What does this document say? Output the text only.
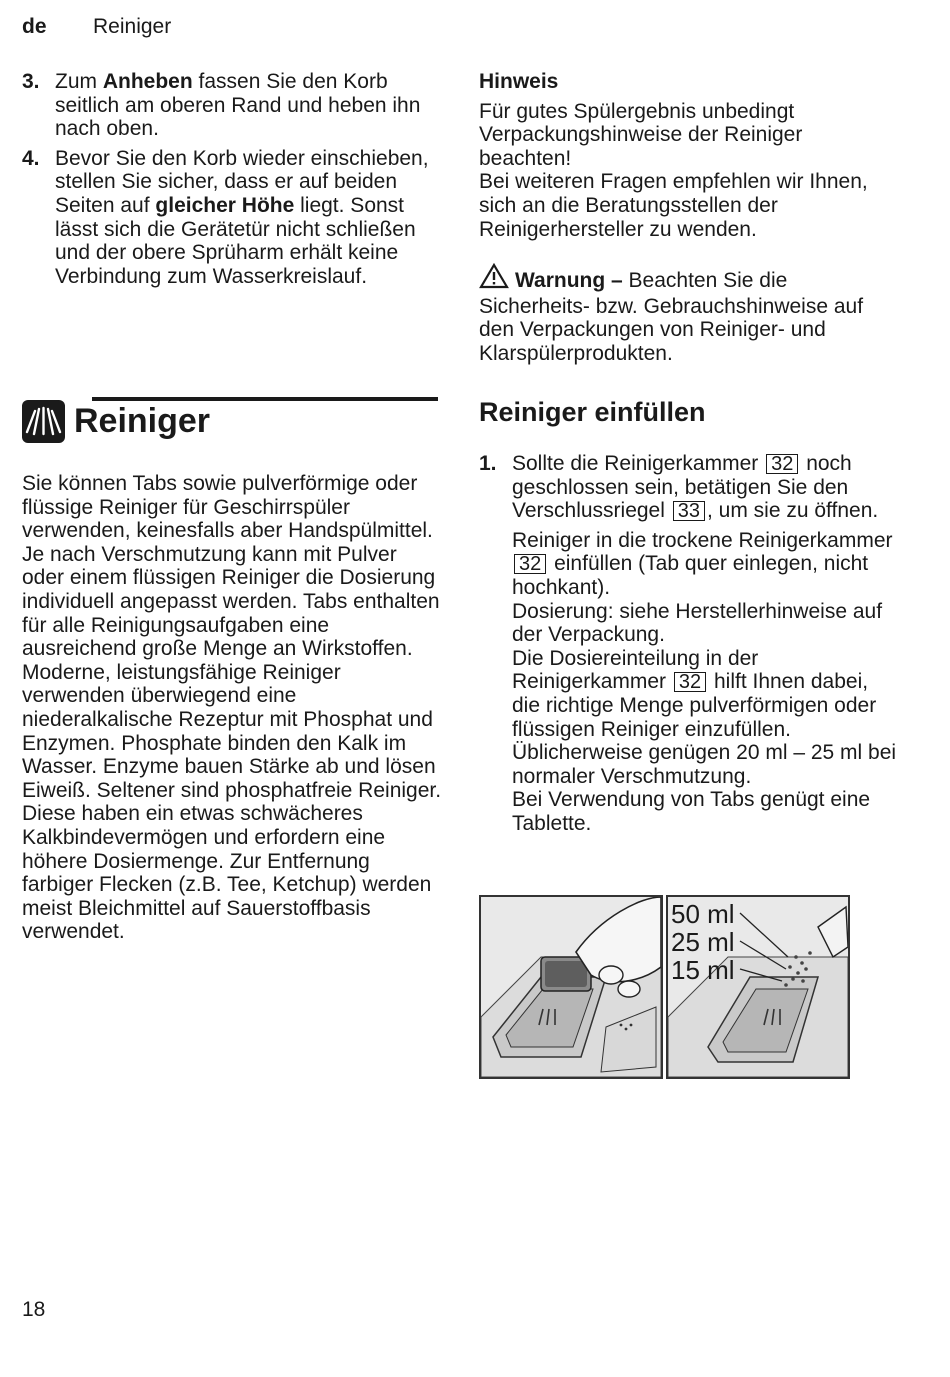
de Reiniger
3. Zum Anheben fassen Sie den Korb seitlich am oberen Rand und heben ihn nach oben.
4. Bevor Sie den Korb wieder einschieben, stellen Sie sicher, dass er auf beiden Seiten auf gleicher Höhe liegt. Sonst lässt sich die Gerätetür nicht schließen und der obere Sprüharm erhält keine Verbindung zum Wasserkreislauf.
Hinweis
Für gutes Spülergebnis unbedingt Verpackungshinweise der Reiniger beachten!
Bei weiteren Fragen empfehlen wir Ihnen, sich an die Beratungsstellen der Reinigerhersteller zu wenden.
Warnung – Beachten Sie die Sicherheits- bzw. Gebrauchshinweise auf den Verpackungen von Reiniger- und Klarspülerprodukten.
Reiniger
Sie können Tabs sowie pulverförmige oder flüssige Reiniger für Geschirrspüler verwenden, keinesfalls aber Handspülmittel. Je nach Verschmutzung kann mit Pulver oder einem flüssigen Reiniger die Dosierung individuell angepasst werden. Tabs enthalten für alle Reinigungsaufgaben eine ausreichend große Menge an Wirkstoffen. Moderne, leistungsfähige Reiniger verwenden überwiegend eine niederalkalische Rezeptur mit Phosphat und Enzymen. Phosphate binden den Kalk im Wasser. Enzyme bauen Stärke ab und lösen Eiweiß. Seltener sind phosphatfreie Reiniger. Diese haben ein etwas schwächeres Kalkbindevermögen und erfordern eine höhere Dosiermenge. Zur Entfernung farbiger Flecken (z.B. Tee, Ketchup) werden meist Bleichmittel auf Sauerstoffbasis verwendet.
Reiniger einfüllen
1. Sollte die Reinigerkammer 32 noch geschlossen sein, betätigen Sie den Verschlussriegel 33 , um sie zu öffnen.
Reiniger in die trockene Reinigerkammer 32 einfüllen (Tab quer einlegen, nicht hochkant).
Dosierung: siehe Herstellerhinweise auf der Verpackung.
Die Dosiereinteilung in der Reinigerkammer 32 hilft Ihnen dabei, die richtige Menge pulverförmigen oder flüssigen Reiniger einzufüllen.
Üblicherweise genügen 20 ml – 25 ml bei normaler Verschmutzung.
Bei Verwendung von Tabs genügt eine Tablette.
50 ml
25 ml
15 ml
18
